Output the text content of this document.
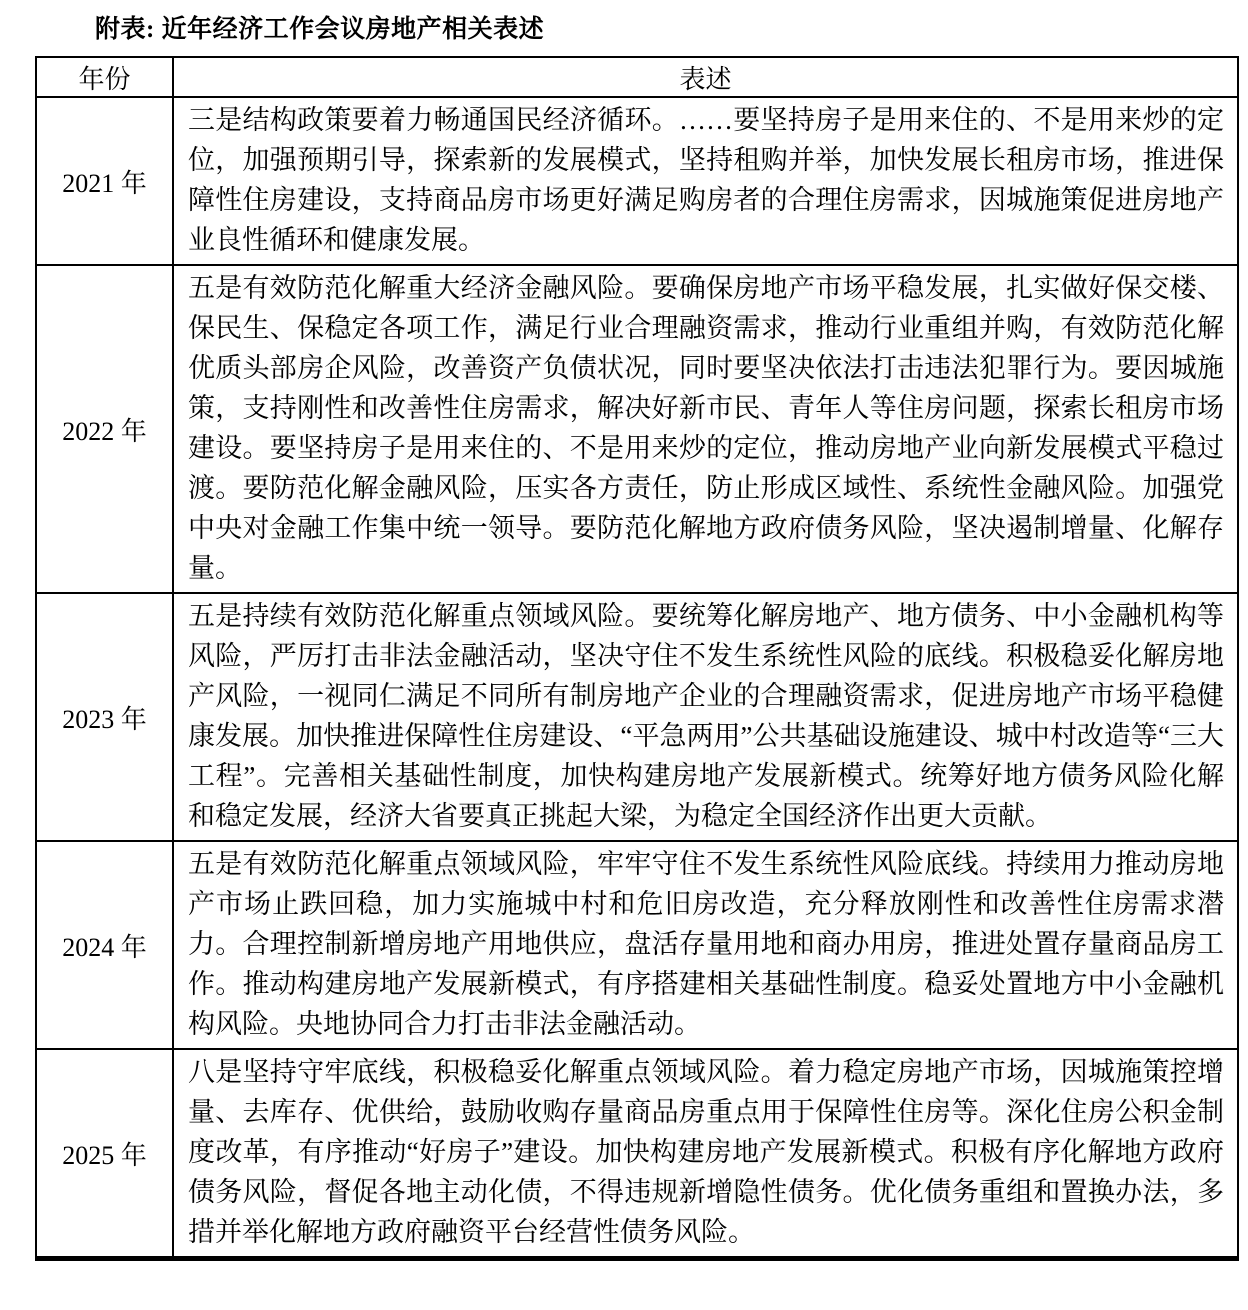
附表: 近年经济工作会议房地产相关表述
年份	表述
2021 年	三是结构政策要着力畅通国民经济循环。……要坚持房子是用来住的、不是用来炒的定位，加强预期引导，探索新的发展模式，坚持租购并举，加快发展长租房市场，推进保障性住房建设，支持商品房市场更好满足购房者的合理住房需求，因城施策促进房地产业良性循环和健康发展。
2022 年	五是有效防范化解重大经济金融风险。要确保房地产市场平稳发展，扎实做好保交楼、保民生、保稳定各项工作，满足行业合理融资需求，推动行业重组并购，有效防范化解优质头部房企风险，改善资产负债状况，同时要坚决依法打击违法犯罪行为。要因城施策，支持刚性和改善性住房需求，解决好新市民、青年人等住房问题，探索长租房市场建设。要坚持房子是用来住的、不是用来炒的定位，推动房地产业向新发展模式平稳过渡。要防范化解金融风险，压实各方责任，防止形成区域性、系统性金融风险。加强党中央对金融工作集中统一领导。要防范化解地方政府债务风险，坚决遏制增量、化解存量。
2023 年	五是持续有效防范化解重点领域风险。要统筹化解房地产、地方债务、中小金融机构等风险，严厉打击非法金融活动，坚决守住不发生系统性风险的底线。积极稳妥化解房地产风险，一视同仁满足不同所有制房地产企业的合理融资需求，促进房地产市场平稳健康发展。加快推进保障性住房建设、“平急两用”公共基础设施建设、城中村改造等“三大工程”。完善相关基础性制度，加快构建房地产发展新模式。统筹好地方债务风险化解和稳定发展，经济大省要真正挑起大梁，为稳定全国经济作出更大贡献。
2024 年	五是有效防范化解重点领域风险，牢牢守住不发生系统性风险底线。持续用力推动房地产市场止跌回稳，加力实施城中村和危旧房改造，充分释放刚性和改善性住房需求潜力。合理控制新增房地产用地供应，盘活存量用地和商办用房，推进处置存量商品房工作。推动构建房地产发展新模式，有序搭建相关基础性制度。稳妥处置地方中小金融机构风险。央地协同合力打击非法金融活动。
2025 年	八是坚持守牢底线，积极稳妥化解重点领域风险。着力稳定房地产市场，因城施策控增量、去库存、优供给，鼓励收购存量商品房重点用于保障性住房等。深化住房公积金制度改革，有序推动“好房子”建设。加快构建房地产发展新模式。积极有序化解地方政府债务风险，督促各地主动化债，不得违规新增隐性债务。优化债务重组和置换办法，多措并举化解地方政府融资平台经营性债务风险。
